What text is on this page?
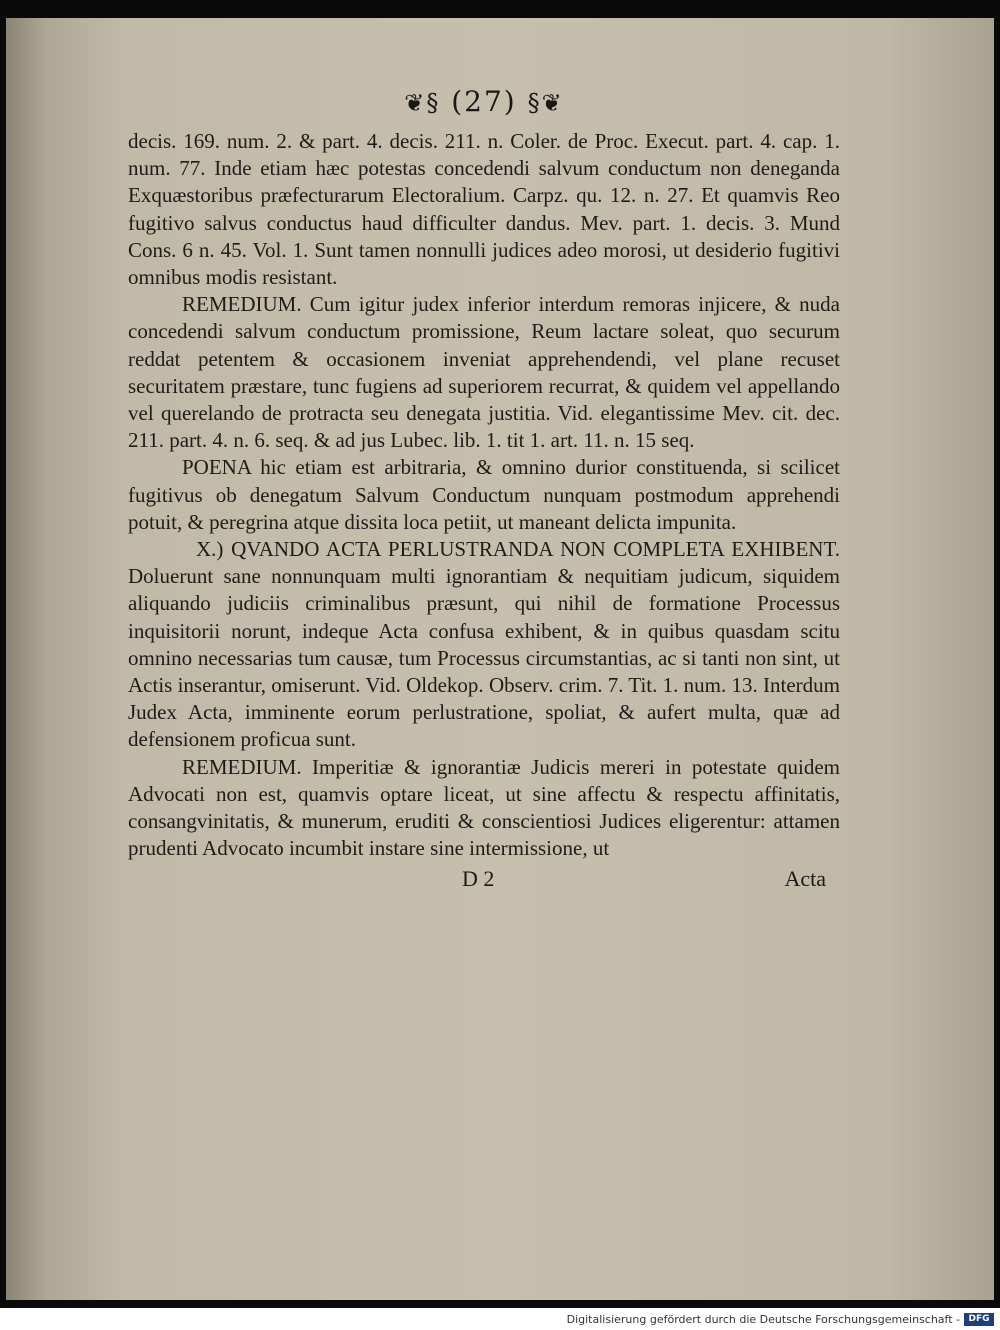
❦§ (27) §❦

decis. 169. num. 2. & part. 4. decis. 211. n. Coler. de Proc. Execut. part. 4. cap. 1. num. 77. Inde etiam hæc potestas concedendi salvum conductum non deneganda Exquæstoribus præfecturarum Electoralium. Carpz. qu. 12. n. 27. Et quamvis Reo fugitivo salvus conductus haud difficulter dandus. Mev. part. 1. decis. 3. Mund Cons. 6 n. 45. Vol. 1. Sunt tamen nonnulli judices adeo morosi, ut desiderio fugitivi omnibus modis resistant.

REMEDIUM. Cum igitur judex inferior interdum remoras injicere, & nuda concedendi salvum conductum promissione, Reum lactare soleat, quo securum reddat petentem & occasionem inveniat apprehendendi, vel plane recuset securitatem præstare, tunc fugiens ad superiorem recurrat, & quidem vel appellando vel querelando de protracta seu denegata justitia. Vid. elegantissime Mev. cit. dec. 211. part. 4. n. 6. seq. & ad jus Lubec. lib. 1. tit 1. art. 11. n. 15 seq.

POENA hic etiam est arbitraria, & omnino durior constituenda, si scilicet fugitivus ob denegatum Salvum Conductum nunquam postmodum apprehendi potuit, & peregrina atque dissita loca petiit, ut maneant delicta impunita.

X.) QVANDO ACTA PERLUSTRANDA NON COMPLETA EXHIBENT. Doluerunt sane nonnunquam multi ignorantiam & nequitiam judicum, siquidem aliquando judiciis criminalibus præsunt, qui nihil de formatione Processus inquisitorii norunt, indeque Acta confusa exhibent, & in quibus quasdam scitu omnino necessarias tum causæ, tum Processus circumstantias, ac si tanti non sint, ut Actis inserantur, omiserunt. Vid. Oldekop. Observ. crim. 7. Tit. 1. num. 13. Interdum Judex Acta, imminente eorum perlustratione, spoliat, & aufert multa, quæ ad defensionem proficua sunt.

REMEDIUM. Imperitiæ & ignorantiæ Judicis mereri in potestate quidem Advocati non est, quamvis optare liceat, ut sine affectu & respectu affinitatis, consangvinitatis, & munerum, eruditi & conscientiosi Judices eligerentur: attamen prudenti Advocato incumbit instare sine intermissione, ut

D 2	Acta
Digitalisierung gefördert durch die Deutsche Forschungsgemeinschaft - DFG
